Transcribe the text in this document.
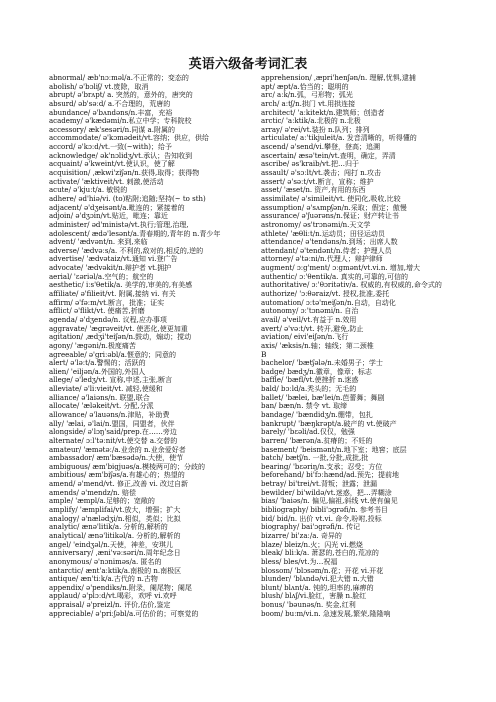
英语六级备考词汇表
abnormal/ æb'nɔːməl/a.不正常的；变态的
abolish/ ə'bɔliʃ/ vt.废除，取消
abrupt/ ə'brʌpt/ a. 突然的，意外的，唐突的
absurd/ əb'səːd/ a.不合理的，荒唐的
abundance/ ə'bʌndəns/n.丰富，充裕
academy/ ə'kædəmi/n.私立中学；专科院校
accessory/ æk'sesəri/n.同谋 a.附属的
accommodate/ ə'kɔmədeit/vt.容纳；供应，供给
accord/ ə'kɔːd/vt.一致(~with)；给予
acknowledge/ ək'nɔlidʒ/vt.承认；告知收到
acquaint/ ə'kweint/vt.使认识，使了解
acquisition/ ˌækwi'ziʃən/n.获得,取得；获得物
activate/ 'æktiveit/vt. 刺激,使活动
acute/ ə'kjuːt/a. 敏锐的
adhere/ əd'hiə/vi. (to)粘附;追随;坚持(~ to sth)
adjacent/ ə'dʒeisənt/a.毗连的；紧接着的
adjoin/ ə'dʒɔin/vt.贴近，毗连；靠近
administer/ əd'ministə/vt.执行;管理,治理,
adolescent/ ædə'lesənt/a.青春期的,青年的 n.青少年
advent/ 'ædvənt/n. 来到,来临
adverse/ 'ædvəːs/a. 不利的,敌对的,相反的,逆的
advertise/ 'ædvətaiz/vt.通知 vi.登广告
advocate/ 'ædvəkit/n.辩护者 vt.拥护
aerial/ 'ɛəriəl/a.空气的；航空的
aesthetic/ iːs'θetik/a. 美学的,审美的,有美感
affiliate/ ə'filieit/vt. 附属,接纳 vi. 有关
affirm/ ə'fəːm/vt.断言，批准；证实
afflict/ ə'flikt/vt. 使痛苦,折磨
agenda/ ə'dʒendə/n. 议程,应办事项
aggravate/ 'ægrəveit/vt. 使恶化,使更加重
agitation/ ˌædʒi'teiʃən/n.鼓动，煽动；搅动
agony/ 'ægəni/n.极度痛苦
agreeable/ ə'griːəbl/a.惬意的；同意的
alert/ ə'ləːt/a.警惕的；活跃的
alien/ 'eiljən/a.外国的,外国人
allege/ ə'ledʒ/vt. 宣称,申述,主张,断言
alleviate/ ə'liːvieit/vt. 减轻,使缓和
alliance/ ə'laiəns/n. 联盟,联合
allocate/ 'æləkeit/vt. 分配,分派
allowance/ ə'lauəns/n.津贴，补助费
ally/ 'ælai, ə'lai/n.盟国，同盟者，伙伴
alongside/ ə'lɔŋ'said/prep.在……旁边
alternate/ ɔːl'təːnit/vt.使交替 a.交替的
amateur/ 'æmətəː/a.业余的 n.业余爱好者
ambassador/ æm'bæsədə/n.大使，使节
ambiguous/ æm'bigjuəs/a.模棱两可的；分歧的
ambitious/ æm'biʃəs/a.有雄心的；热望的
amend/ ə'mend/vt. 修正,改善 vi. 改过自新
amends/ ə'mendz/n. 赔偿
ample/ 'æmpl/a.足够的；宽敞的
amplify/ 'æmplifai/vt.放大，增强；扩大
analogy/ ə'nælədʒi/n.相似，类似；比拟
analytic/ ænə'litik/a. 分析的,解析的
analytical/ ænə'litikəl/a. 分析的,解析的
angel/ 'eindʒəl/n.天使，神差，安琪儿
anniversary/ ˌæni'vəːsəri/n.周年纪念日
anonymous/ ə'nɔniməs/a. 匿名的
antarctic/ ænt'aːktik/a.南极的 n.南极区
antique/ æn'tiːk/a.古代的 n.古物
appendix/ ə'pendiks/n.附录，阑尾物；阑尾
applaud/ ə'plɔːd/vt.喝彩，欢呼 vi.欢呼
appraisal/ ə'preizl/n. 评价,估价,鉴定
appreciable/ ə'priːʃəbl/a.可估价的；可察觉的
apprehension/ ˌæpri'henʃən/n. 理解,忧惧,逮捕
apt/ æpt/a.恰当的；聪明的
arc/ aːk/n.弧，弓形物；弧光
arch/ aːtʃ/n.拱门 vt.用拱连接
architect/ 'aːkitekt/n.建筑师；创造者
arctic/ 'aːktik/a.北极的 n.北极
array/ ə'rei/vt.装扮 n.队列；排列
articulate/ aː'tikjuleit/a. 发音清晰的，听得懂的
ascend/ ə'send/vi.攀登，登高；追溯
ascertain/ æsə'tein/vt.查明，确定，弄清
ascribe/ əs'kraib/vt.把…归于
assault/ ə'sɔːlt/vt.袭击；闯打 n.攻击
assert/ ə'səːt/vt.断言，宣称；维护
asset/ 'æset/n. 资产,有用的东西
assimilate/ ə'simileit/vt. 使同化,吸收,比较
assumption/ ə'sʌmpʃən/n.采取；假定；傲慢
assurance/ ə'ʃuərəns/n.保证；财产转让书
astronomy/ əs'trɔnəmi/n.天文学
athlete/ 'æθliːt/n.运动员；田径运动员
attendance/ ə'tendəns/n.到场；出席人数
attendant/ ə'tendənt/n.侍者；护理人员
attorney/ ə'təːni/n.代理人；辩护律师
augment/ ɔːg'ment/ ɔːgmənt/vt.vi.n. 增加,增大
authentic/ ɔː'θentik/a. 真实的,可靠的,可信的
authoritative/ ɔː'θɔritətiv/a. 权威的,有权威的,命令式的
authorize/ 'ɔːθəraiz/vt. 授权,批准,委托
automation/ ɔːtə'meiʃən/n.自动，自动化
autonomy/ ɔː'tɔnəmi/n. 自治
avail/ ə'veil/vt.有益于 n.效用
avert/ ə'vəːt/vt. 转开,避免,防止
aviation/ eivi'eiʃən/n.飞行
axis/ 'æksis/n.轴；轴线；第二颈椎
B
bachelor/ 'bætʃələ/n.未婚男子；学士
badge/ bædʒ/n.徽章，像章；标志
baffle/ 'bæfl/vt.使挫折 n.迷惑
bald/ bɔːld/a.秃头的；无毛的
ballet/ 'bælei, bæ'lei/n.芭蕾舞；舞剧
ban/ bæn/n. 禁令 vt. 取缔
bandage/ 'bændidʒ/n.绷带，包扎
bankrupt/ 'bæŋkrəpt/a.破产的 vt.使破产
barely/ 'bɛəli/ad.仅仅，勉强
barren/ 'bærən/a.贫瘠的；不妊的
basement/ 'beismənt/n.地下室；地窖；底层
batch/ bætʃ/n. 一批,分批,成批,批
bearing/ 'bɛəriŋ/n.支承；忍受；方位
beforehand/ bi'fɔːhænd/ad.预先；提前地
betray/ bi'trei/vt.背叛；泄露；泄漏
bewilder/ bi'wildə/vt.迷惑，把…弄糊涂
bias/ 'baiəs/n. 偏见,偏祖,斜线 vt.使有偏见
bibliography/ bibli'ɔgrəfi/n. 参考书目
bid/ bid/n. 出价 vt.vi. 命令,吩咐,投标
biography/ bai'ɔgrəfi/n. 传记
bizarre/ bi'zaː/a. 奇异的
blaze/ bleiz/n.火；闪光 vi.燃烧
bleak/ bliːk/a. 萧瑟的,苍白的,荒凉的
bless/ bles/vt.为…祝福
blossom/ 'blɔsəm/n.花；开花 vi.开花
blunder/ 'blʌndə/vi.犯大错 n.大错
blunt/ blʌnt/a. 钝的,坦率的,麻痹的
blush/ blʌʃ/vi.脸红，害臊 n.脸红
bonus/ 'bəunəs/n. 奖金,红利
boom/ buːm/vi.n. 急速发展,繁荣,隆隆响
